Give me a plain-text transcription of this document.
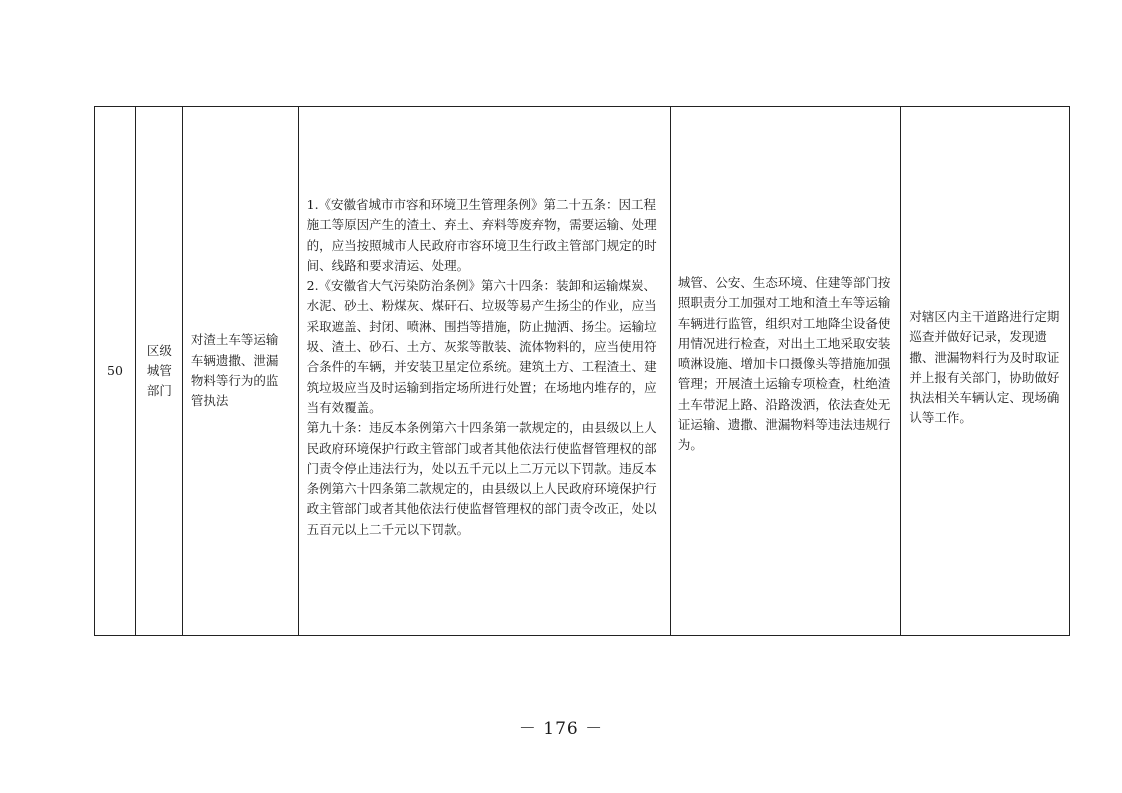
50
区级城管部门
对渣土车等运输车辆遗撒、泄漏物料等行为的监管执法

1.《安徽省城市市容和环境卫生管理条例》第二十五条：因工程施工等原因产生的渣土、弃土、弃料等废弃物，需要运输、处理的，应当按照城市人民政府市容环境卫生行政主管部门规定的时间、线路和要求清运、处理。

2.《安徽省大气污染防治条例》第六十四条：装卸和运输煤炭、水泥、砂土、粉煤灰、煤矸石、垃圾等易产生扬尘的作业，应当采取遮盖、封闭、喷淋、围挡等措施，防止抛洒、扬尘。运输垃圾、渣土、砂石、土方、灰浆等散装、流体物料的，应当使用符合条件的车辆，并安装卫星定位系统。建筑土方、工程渣土、建筑垃圾应当及时运输到指定场所进行处置；在场地内堆存的，应当有效覆盖。

第九十条：违反本条例第六十四条第一款规定的，由县级以上人民政府环境保护行政主管部门或者其他依法行使监督管理权的部门责令停止违法行为，处以五千元以上二万元以下罚款。违反本条例第六十四条第二款规定的，由县级以上人民政府环境保护行政主管部门或者其他依法行使监督管理权的部门责令改正，处以五百元以上二千元以下罚款。

城管、公安、生态环境、住建等部门按照职责分工加强对工地和渣土车等运输车辆进行监管，组织对工地降尘设备使用情况进行检查，对出土工地采取安装喷淋设施、增加卡口摄像头等措施加强管理；开展渣土运输专项检查，杜绝渣土车带泥上路、沿路泼洒，依法查处无证运输、遗撒、泄漏物料等违法违规行为。
对辖区内主干道路进行定期巡查并做好记录，发现遗撒、泄漏物料行为及时取证并上报有关部门，协助做好执法相关车辆认定、现场确认等工作。
－ 176 －
